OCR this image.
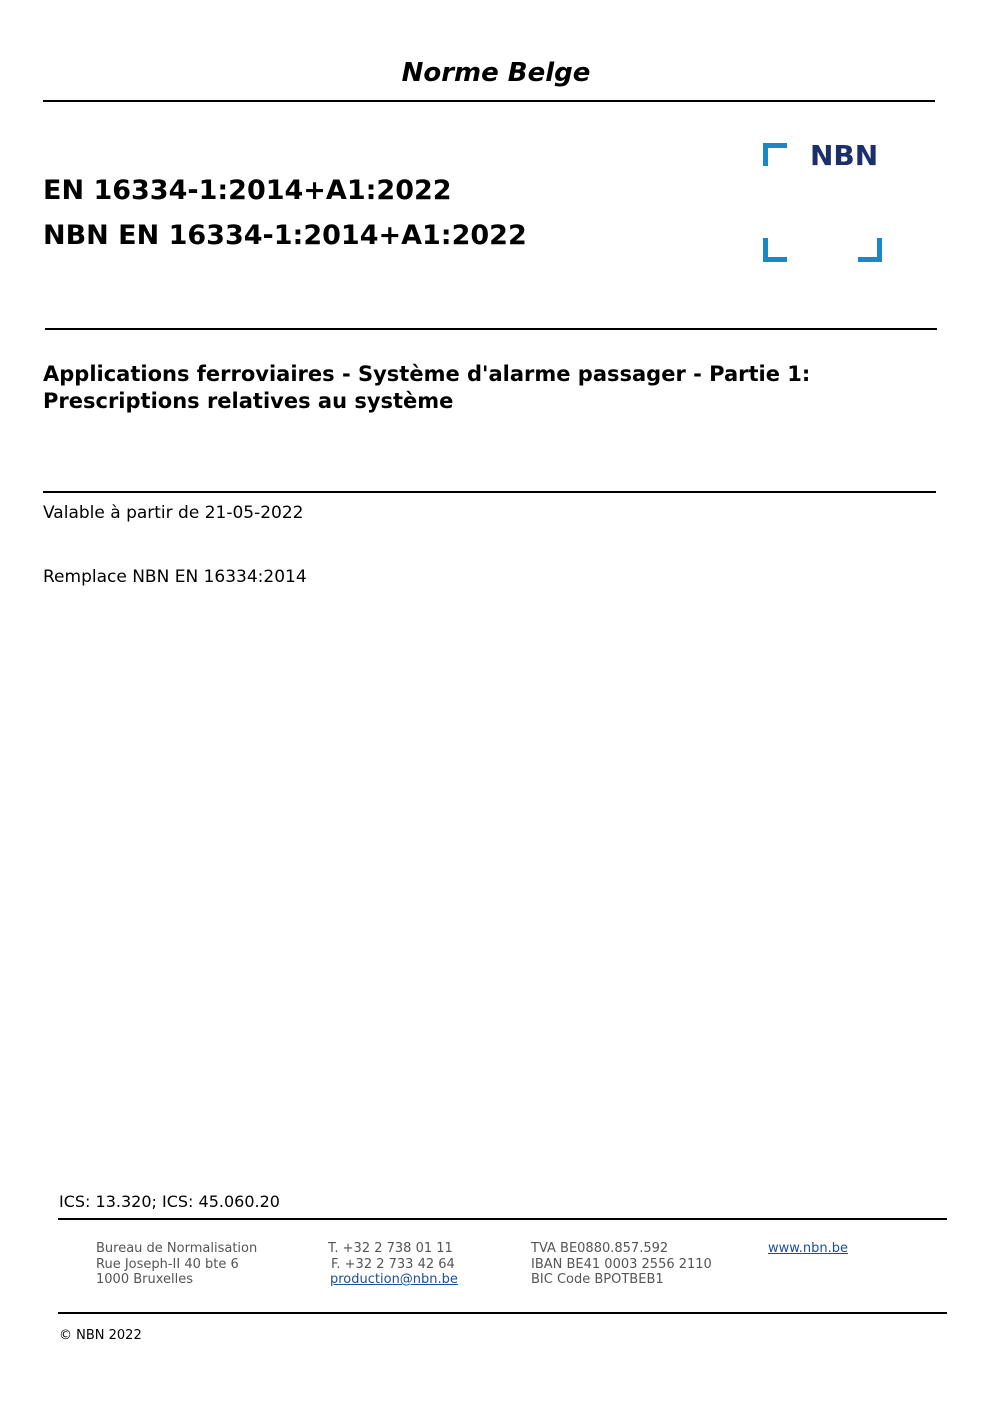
Norme Belge
EN 16334-1:2014+A1:2022
NBN EN 16334-1:2014+A1:2022
NBN
Applications ferroviaires - Système d'alarme passager - Partie 1: Prescriptions relatives au système
Valable à partir de 21-05-2022
Remplace NBN EN 16334:2014
ICS: 13.320; ICS: 45.060.20
Bureau de Normalisation
Rue Joseph-II 40 bte 6
1000 Bruxelles
T. +32 2 738 01 11
F. +32 2 733 42 64
production@nbn.be
TVA BE0880.857.592
IBAN BE41 0003 2556 2110
BIC Code BPOTBEB1
www.nbn.be
© NBN 2022
